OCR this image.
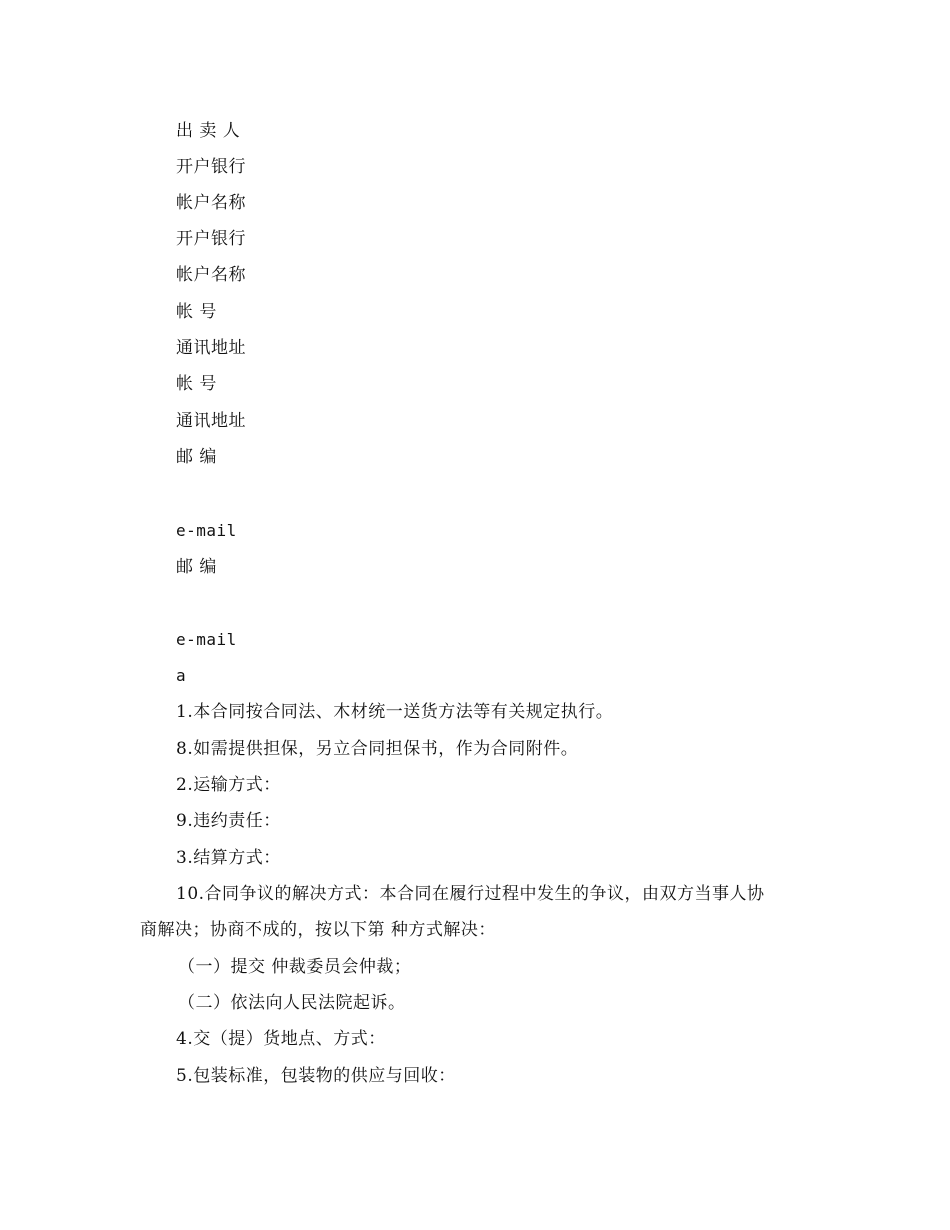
出 卖 人
开户银行
帐户名称
开户银行
帐户名称
帐 号
通讯地址
帐 号
通讯地址
邮 编
e-mail
邮 编
e-mail
a
1.本合同按合同法、木材统一送货方法等有关规定执行。
8.如需提供担保，另立合同担保书，作为合同附件。
2.运输方式：
9.违约责任：
3.结算方式：
10.合同争议的解决方式：本合同在履行过程中发生的争议，由双方当事人协
商解决；协商不成的，按以下第 种方式解决：
（一）提交 仲裁委员会仲裁；
（二）依法向人民法院起诉。
4.交（提）货地点、方式：
5.包装标准，包装物的供应与回收：
